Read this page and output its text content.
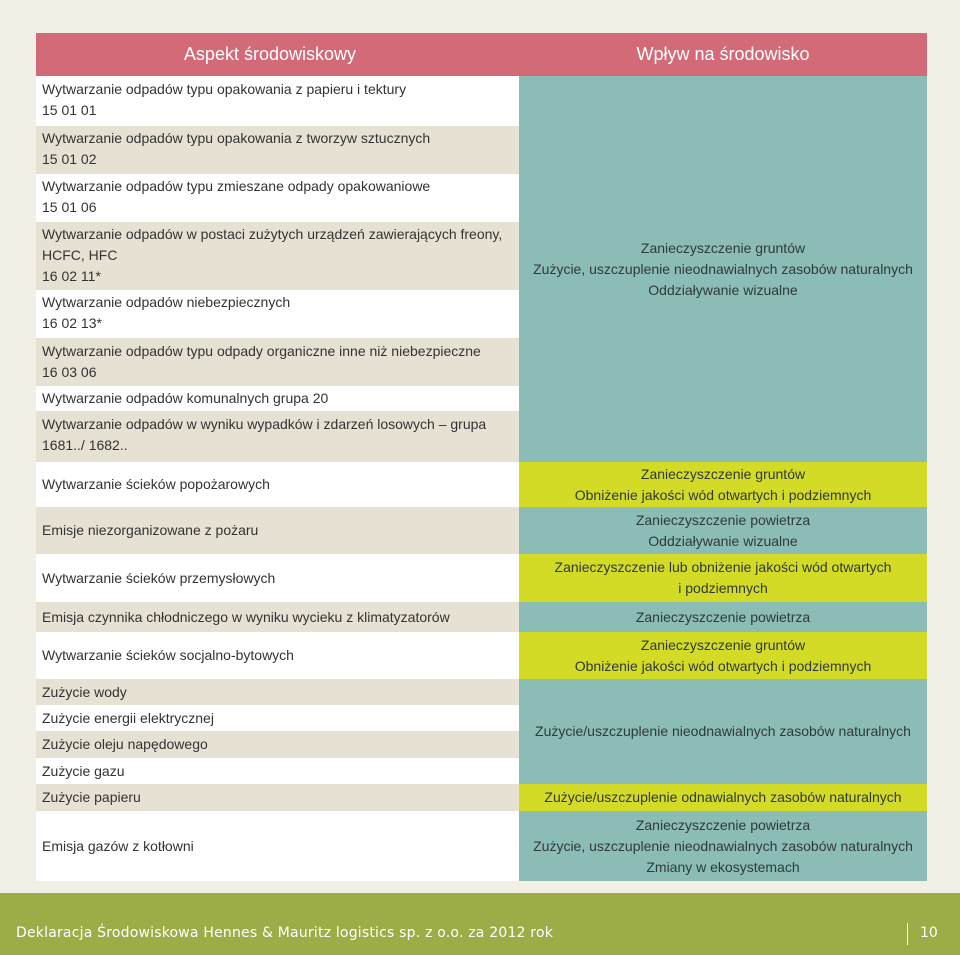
Aspekt środowiskowy	Wpływ na środowisko
Wytwarzanie odpadów typu opakowania z papieru i tektury
15 01 01
Wytwarzanie odpadów typu opakowania z tworzyw sztucznych
15 01 02
Wytwarzanie odpadów typu zmieszane odpady opakowaniowe
15 01 06
Wytwarzanie odpadów w postaci zużytych urządzeń zawierających freony,
HCFC, HFC
16 02 11*
Wytwarzanie odpadów niebezpiecznych
16 02 13*
Wytwarzanie odpadów typu odpady organiczne inne niż niebezpieczne
16 03 06
Wytwarzanie odpadów komunalnych grupa 20
Wytwarzanie odpadów w wyniku wypadków i zdarzeń losowych – grupa
1681../ 1682..
Wytwarzanie ścieków popożarowych
Emisje niezorganizowane z pożaru
Wytwarzanie ścieków przemysłowych
Emisja czynnika chłodniczego w wyniku wycieku z klimatyzatorów
Wytwarzanie ścieków socjalno-bytowych
Zużycie wody
Zużycie energii elektrycznej
Zużycie oleju napędowego
Zużycie gazu
Zużycie papieru
Emisja gazów z kotłowni
Zanieczyszczenie gruntów
Zużycie, uszczuplenie nieodnawialnych zasobów naturalnych
Oddziaływanie wizualne
Zanieczyszczenie gruntów
Obniżenie jakości wód otwartych i podziemnych
Zanieczyszczenie powietrza
Oddziaływanie wizualne
Zanieczyszczenie lub obniżenie jakości wód otwartych
i podziemnych
Zanieczyszczenie powietrza
Zanieczyszczenie gruntów
Obniżenie jakości wód otwartych i podziemnych
Zużycie/uszczuplenie nieodnawialnych zasobów naturalnych
Zużycie/uszczuplenie odnawialnych zasobów naturalnych
Zanieczyszczenie powietrza
Zużycie, uszczuplenie nieodnawialnych zasobów naturalnych
Zmiany w ekosystemach
Deklaracja Środowiskowa Hennes & Mauritz logistics sp. z o.o. za 2012 rok	10
